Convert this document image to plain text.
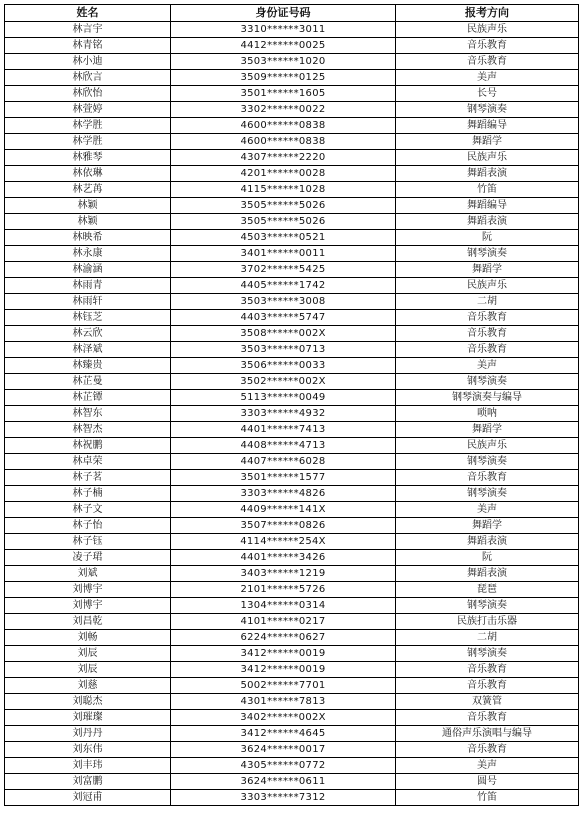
姓名	身份证号码	报考方向
林言宇	3310******3011	民族声乐
林青铭	4412******0025	音乐教育
林小迪	3503******1020	音乐教育
林欣言	3509******0125	美声
林欣怡	3501******1605	长号
林萱婷	3302******0022	钢琴演奏
林学胜	4600******0838	舞蹈编导
林学胜	4600******0838	舞蹈学
林雅琴	4307******2220	民族声乐
林依琳	4201******0028	舞蹈表演
林艺苒	4115******1028	竹笛
林颖	3505******5026	舞蹈编导
林颖	3505******5026	舞蹈表演
林映希	4503******0521	阮
林永康	3401******0011	钢琴演奏
林渝涵	3702******5425	舞蹈学
林雨青	4405******1742	民族声乐
林雨轩	3503******3008	二胡
林钰芝	4403******5747	音乐教育
林云欣	3508******002X	音乐教育
林泽斌	3503******0713	音乐教育
林臻贵	3506******0033	美声
林芷曼	3502******002X	钢琴演奏
林芷镡	5113******0049	钢琴演奏与编导
林智东	3303******4932	唢呐
林智杰	4401******7413	舞蹈学
林祝鹏	4408******4713	民族声乐
林卓荣	4407******6028	钢琴演奏
林子茗	3501******1577	音乐教育
林子楠	3303******4826	钢琴演奏
林子文	4409******141X	美声
林子怡	3507******0826	舞蹈学
林子钰	4114******254X	舞蹈表演
凌子珺	4401******3426	阮
刘斌	3403******1219	舞蹈表演
刘博宇	2101******5726	琵琶
刘博宇	1304******0314	钢琴演奏
刘昌乾	4101******0217	民族打击乐器
刘畅	6224******0627	二胡
刘辰	3412******0019	钢琴演奏
刘辰	3412******0019	音乐教育
刘慈	5002******7701	音乐教育
刘聪杰	4301******7813	双簧管
刘璀璨	3402******002X	音乐教育
刘丹丹	3412******4645	通俗声乐演唱与编导
刘东伟	3624******0017	音乐教育
刘丰玮	4305******0772	美声
刘富鹏	3624******0611	圆号
刘冠甫	3303******7312	竹笛
